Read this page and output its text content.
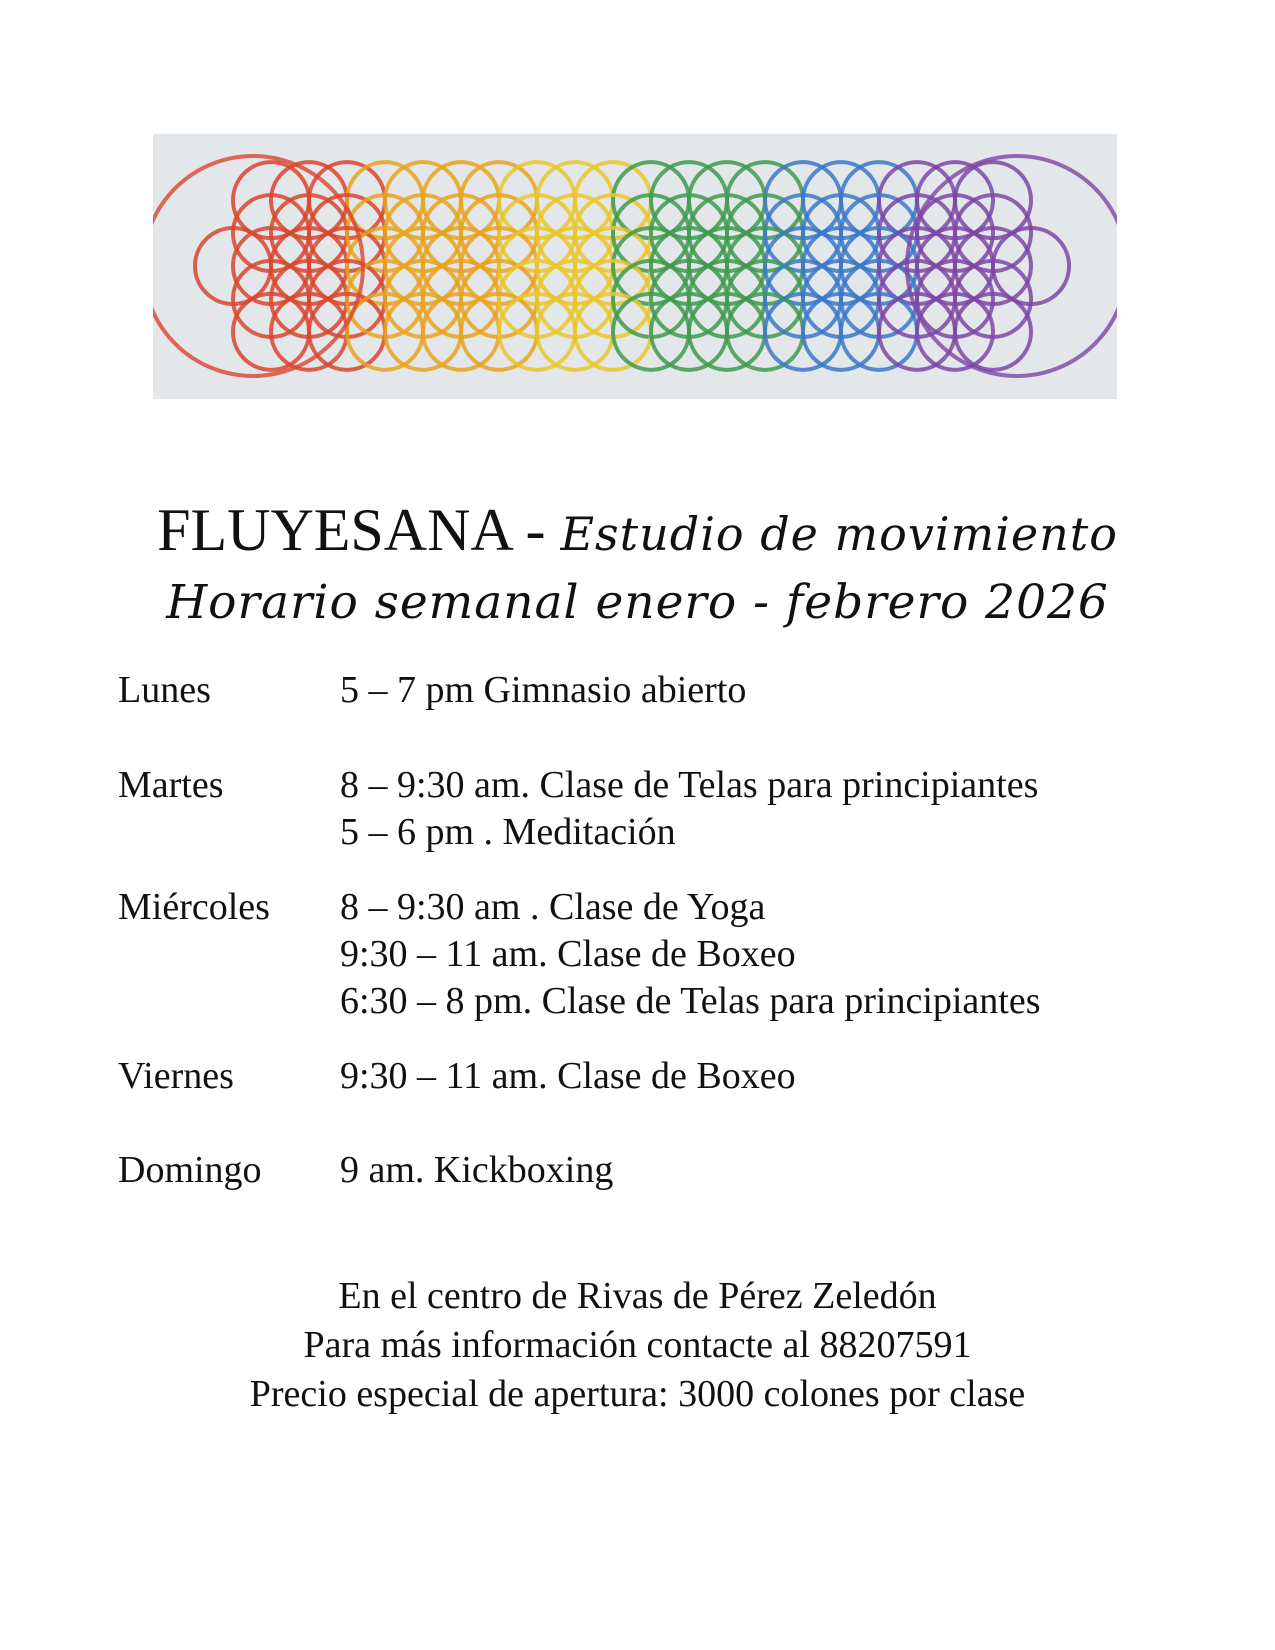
FLUYESANA - Estudio de movimiento
Horario semanal enero - febrero 2026
Lunes	5 – 7 pm Gimnasio abierto
Martes	8 – 9:30 am. Clase de Telas para principiantes
5 – 6 pm . Meditación
Miércoles 8 – 9:30 am . Clase de Yoga
9:30 – 11 am. Clase de Boxeo
6:30 – 8 pm. Clase de Telas para principiantes
Viernes	9:30 – 11 am. Clase de Boxeo
Domingo 9 am. Kickboxing
En el centro de Rivas de Pérez Zeledón
Para más información contacte al 88207591
Precio especial de apertura: 3000 colones por clase
